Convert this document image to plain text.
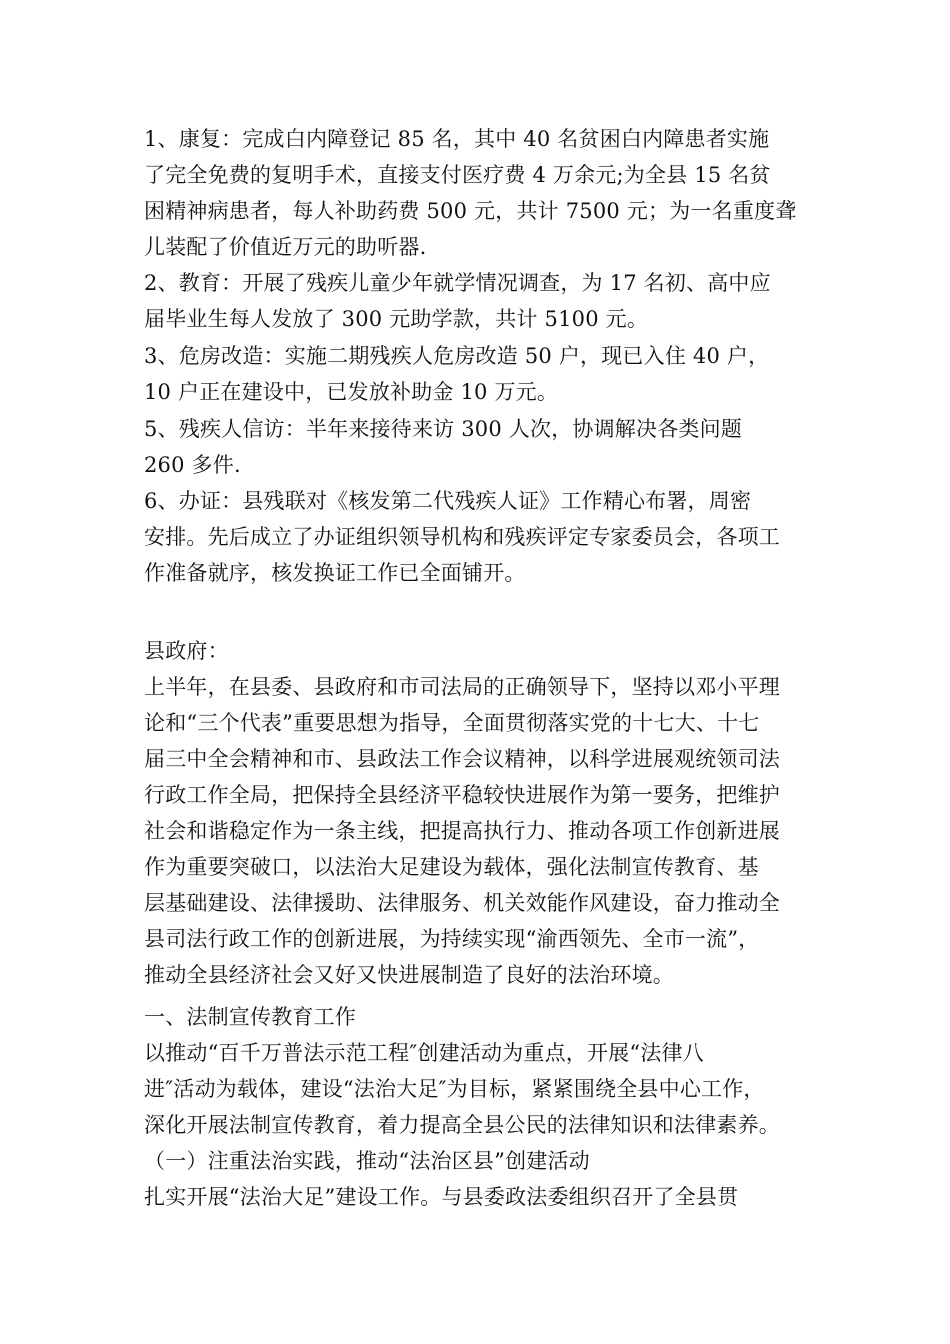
1、康复：完成白内障登记 85 名，其中 40 名贫困白内障患者实施
了完全免费的复明手术，直接支付医疗费 4 万余元;为全县 15 名贫
困精神病患者，每人补助药费 500 元，共计 7500 元；为一名重度聋
儿装配了价值近万元的助听器.
2、教育：开展了残疾儿童少年就学情况调查，为 17 名初、高中应
届毕业生每人发放了 300 元助学款，共计 5100 元。
3、危房改造：实施二期残疾人危房改造 50 户，现已入住 40 户，
10 户正在建设中，已发放补助金 10 万元。
5、残疾人信访：半年来接待来访 300 人次，协调解决各类问题
260 多件.
6、办证：县残联对《核发第二代残疾人证》工作精心布署，周密
安排。先后成立了办证组织领导机构和残疾评定专家委员会，各项工
作准备就序，核发换证工作已全面铺开。
县政府：
上半年，在县委、县政府和市司法局的正确领导下，坚持以邓小平理
论和“三个代表”重要思想为指导，全面贯彻落实党的十七大、十七
届三中全会精神和市、县政法工作会议精神，以科学进展观统领司法
行政工作全局，把保持全县经济平稳较快进展作为第一要务，把维护
社会和谐稳定作为一条主线，把提高执行力、推动各项工作创新进展
作为重要突破口，以法治大足建设为载体，强化法制宣传教育、基
层基础建设、法律援助、法律服务、机关效能作风建设，奋力推动全
县司法行政工作的创新进展，为持续实现“渝西领先、全市一流”，
推动全县经济社会又好又快进展制造了良好的法治环境。
一、法制宣传教育工作
以推动“百千万普法示范工程″创建活动为重点，开展“法律八
进″活动为载体，建设“法治大足″为目标，紧紧围绕全县中心工作，
深化开展法制宣传教育，着力提高全县公民的法律知识和法律素养。
（一）注重法治实践，推动“法治区县”创建活动
扎实开展“法治大足”建设工作。与县委政法委组织召开了全县贯
